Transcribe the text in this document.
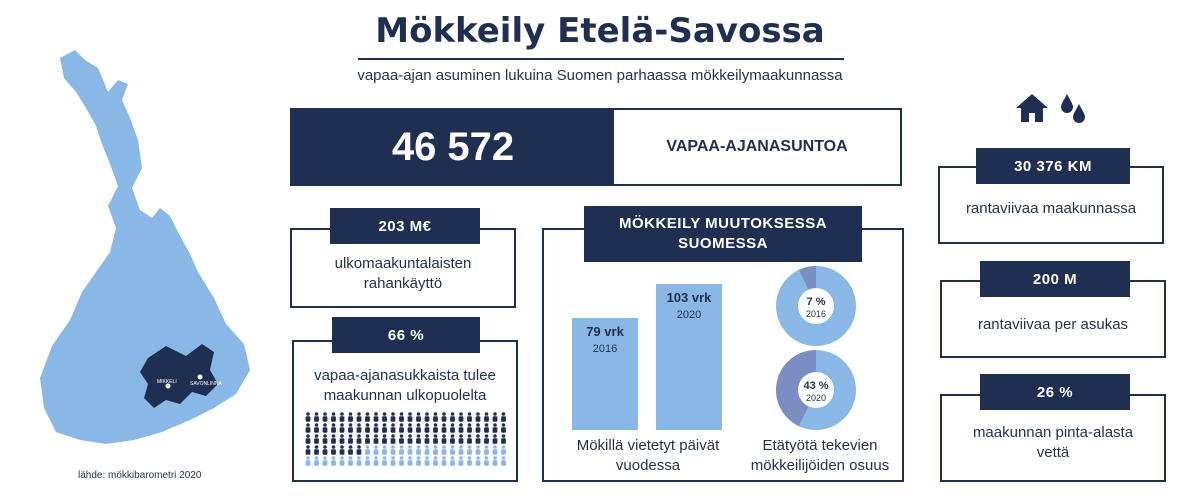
MIKKELI	SAVONLINNA
lähde: mökkibarometri 2020
Mökkeily Etelä-Savossa
vapaa-ajan asuminen lukuina Suomen parhaassa mökkeilymaakunnassa
46 572	VAPAA-AJANASUNTOA
203 M€
ulkomaakuntalaisten rahankäyttö
66 %
vapaa-ajanasukkaista tulee maakunnan ulkopuolelta
MÖKKEILY MUUTOKSESSA SUOMESSA
79 vrk
2016
103 vrk
2020
Mökillä vietetyt päivät vuodessa
7 %
2016
43 %
2020
Etätyötä tekevien mökkeilijöiden osuus
30 376 KM
rantaviivaa maakunnassa
200 M
rantaviivaa per asukas
26 %
maakunnan pinta-alasta vettä
